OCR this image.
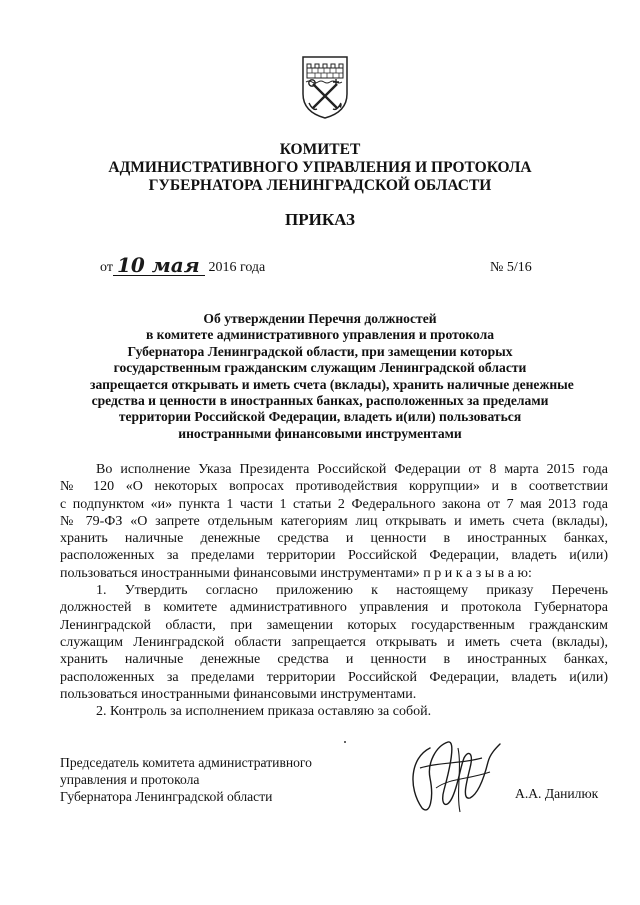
КОМИТЕТ
АДМИНИСТРАТИВНОГО УПРАВЛЕНИЯ И ПРОТОКОЛА
ГУБЕРНАТОРА ЛЕНИНГРАДСКОЙ ОБЛАСТИ
ПРИКАЗ
от 10 мая 2016 года	№ 5/16
Об утверждении Перечня должностей
в комитете административного управления и протокола
Губернатора Ленинградской области, при замещении которых
государственным гражданским служащим Ленинградской области
запрещается открывать и иметь счета (вклады), хранить наличные денежные
средства и ценности в иностранных банках, расположенных за пределами
территории Российской Федерации, владеть и(или) пользоваться
иностранными финансовыми инструментами
Во исполнение Указа Президента Российской Федерации от 8 марта 2015 года
№ 120 «О некоторых вопросах противодействия коррупции» и в соответствии
с подпунктом «и» пункта 1 части 1 статьи 2 Федерального закона от 7 мая 2013 года
№ 79-ФЗ «О запрете отдельным категориям лиц открывать и иметь счета (вклады),
хранить наличные денежные средства и ценности в иностранных банках,
расположенных за пределами территории Российской Федерации, владеть и(или)
пользоваться иностранными финансовыми инструментами» п р и к а з ы в а ю:
1. Утвердить согласно приложению к настоящему приказу Перечень
должностей в комитете административного управления и протокола Губернатора
Ленинградской области, при замещении которых государственным гражданским
служащим Ленинградской области запрещается открывать и иметь счета (вклады),
хранить наличные денежные средства и ценности в иностранных банках,
расположенных за пределами территории Российской Федерации, владеть и(или)
пользоваться иностранными финансовыми инструментами.
2. Контроль за исполнением приказа оставляю за собой.
Председатель комитета административного
управления и протокола
Губернатора Ленинградской области	А.А. Данилюк
